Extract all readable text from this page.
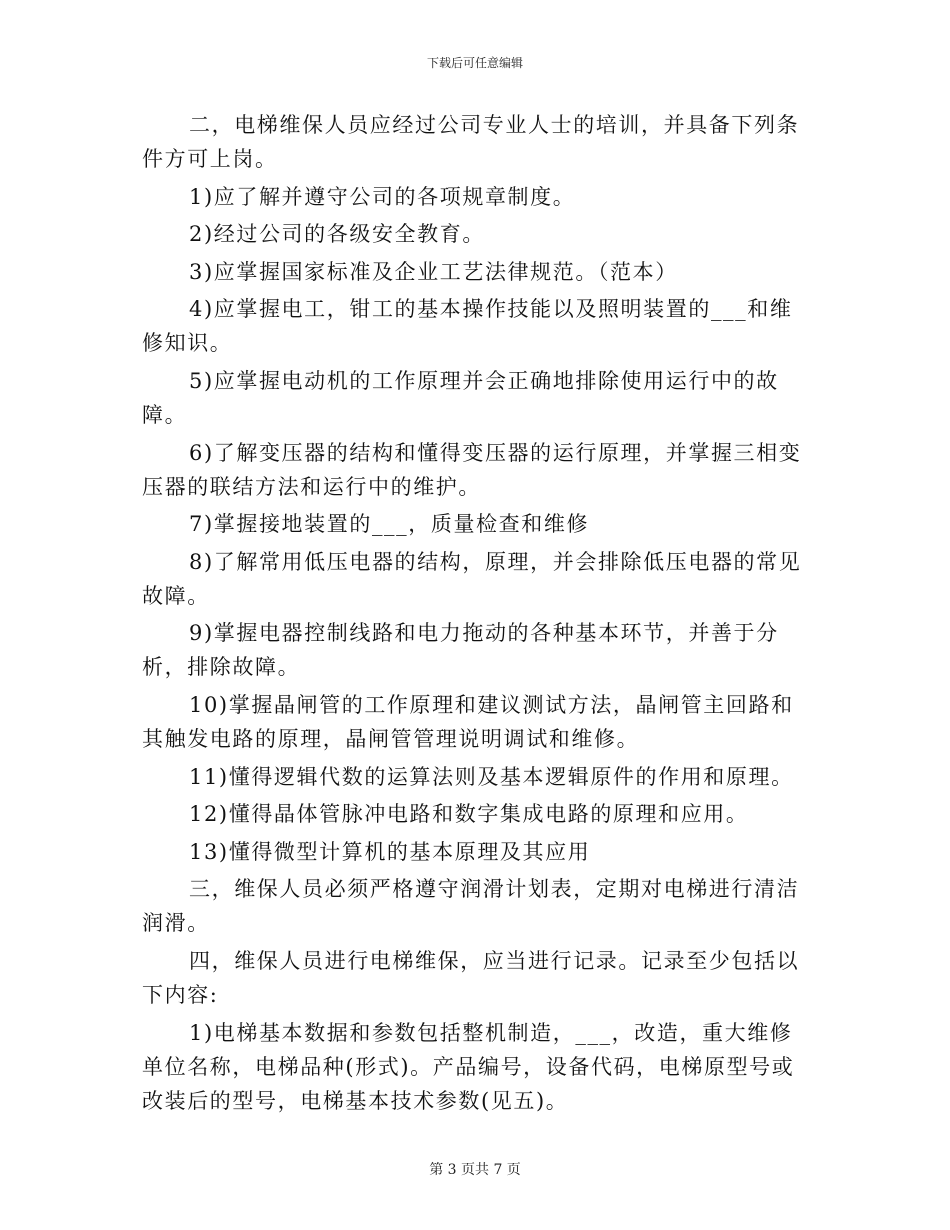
下载后可任意编辑

二，电梯维保人员应经过公司专业人士的培训，并具备下列条件方可上岗。

1)应了解并遵守公司的各项规章制度。

2)经过公司的各级安全教育。

3)应掌握国家标准及企业工艺法律规范。（范本）

4)应掌握电工，钳工的基本操作技能以及照明装置的___和维修知识。

5)应掌握电动机的工作原理并会正确地排除使用运行中的故障。

6)了解变压器的结构和懂得变压器的运行原理，并掌握三相变压器的联结方法和运行中的维护。

7)掌握接地装置的___，质量检查和维修

8)了解常用低压电器的结构，原理，并会排除低压电器的常见故障。

9)掌握电器控制线路和电力拖动的各种基本环节，并善于分析，排除故障。

10)掌握晶闸管的工作原理和建议测试方法，晶闸管主回路和其触发电路的原理，晶闸管管理说明调试和维修。

11)懂得逻辑代数的运算法则及基本逻辑原件的作用和原理。

12)懂得晶体管脉冲电路和数字集成电路的原理和应用。

13)懂得微型计算机的基本原理及其应用

三，维保人员必须严格遵守润滑计划表，定期对电梯进行清洁润滑。

四，维保人员进行电梯维保，应当进行记录。记录至少包括以下内容:

1)电梯基本数据和参数包括整机制造，___，改造，重大维修单位名称，电梯品种(形式)。产品编号，设备代码，电梯原型号或改装后的型号，电梯基本技术参数(见五)。

第 3 页共 7 页
